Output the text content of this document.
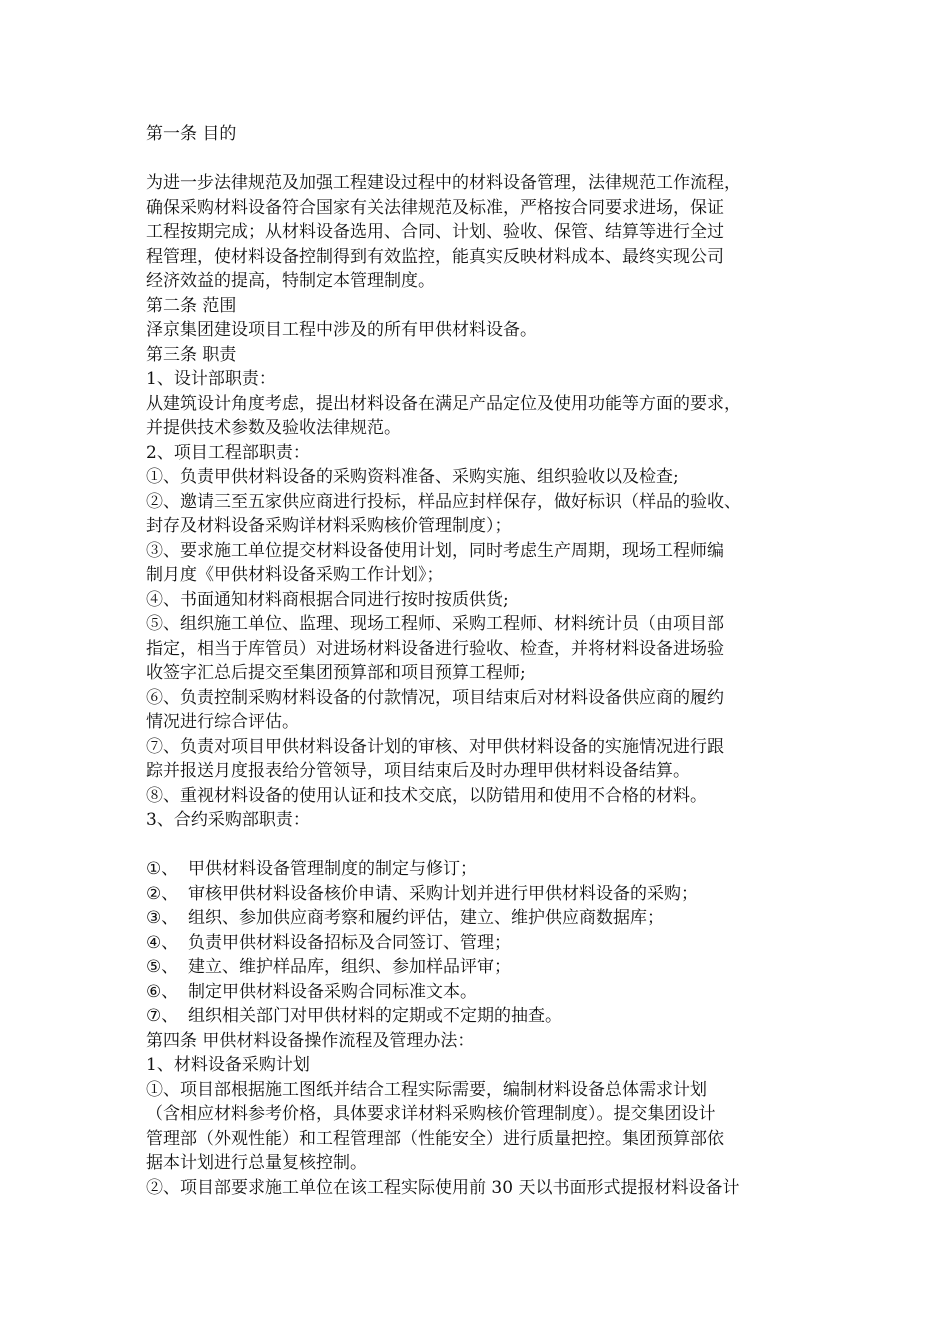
第一条 目的
为进一步法律规范及加强工程建设过程中的材料设备管理，法律规范工作流程，
确保采购材料设备符合国家有关法律规范及标准，严格按合同要求进场，保证
工程按期完成；从材料设备选用、合同、计划、验收、保管、结算等进行全过
程管理，使材料设备控制得到有效监控，能真实反映材料成本、最终实现公司
经济效益的提高，特制定本管理制度。
第二条 范围
泽京集团建设项目工程中涉及的所有甲供材料设备。
第三条 职责
1、设计部职责：
从建筑设计角度考虑，提出材料设备在满足产品定位及使用功能等方面的要求，
并提供技术参数及验收法律规范。
2、项目工程部职责：
①、负责甲供材料设备的采购资料准备、采购实施、组织验收以及检查;
②、邀请三至五家供应商进行投标，样品应封样保存，做好标识（样品的验收、
封存及材料设备采购详材料采购核价管理制度）；
③、要求施工单位提交材料设备使用计划，同时考虑生产周期，现场工程师编
制月度《甲供材料设备采购工作计划》；
④、书面通知材料商根据合同进行按时按质供货;
⑤、组织施工单位、监理、现场工程师、采购工程师、材料统计员（由项目部
指定，相当于库管员）对进场材料设备进行验收、检查，并将材料设备进场验
收签字汇总后提交至集团预算部和项目预算工程师;
⑥、负责控制采购材料设备的付款情况，项目结束后对材料设备供应商的履约
情况进行综合评估。
⑦、负责对项目甲供材料设备计划的审核、对甲供材料设备的实施情况进行跟
踪并报送月度报表给分管领导，项目结束后及时办理甲供材料设备结算。
⑧、重视材料设备的使用认证和技术交底，以防错用和使用不合格的材料。
3、合约采购部职责：
①、 甲供材料设备管理制度的制定与修订；
②、 审核甲供材料设备核价申请、采购计划并进行甲供材料设备的采购；
③、 组织、参加供应商考察和履约评估，建立、维护供应商数据库；
④、 负责甲供材料设备招标及合同签订、管理；
⑤、 建立、维护样品库，组织、参加样品评审；
⑥、 制定甲供材料设备采购合同标准文本。
⑦、 组织相关部门对甲供材料的定期或不定期的抽查。
第四条 甲供材料设备操作流程及管理办法：
1、材料设备采购计划
①、项目部根据施工图纸并结合工程实际需要，编制材料设备总体需求计划
（含相应材料参考价格，具体要求详材料采购核价管理制度）。提交集团设计
管理部（外观性能）和工程管理部（性能安全）进行质量把控。集团预算部依
据本计划进行总量复核控制。
②、项目部要求施工单位在该工程实际使用前 30 天以书面形式提报材料设备计
